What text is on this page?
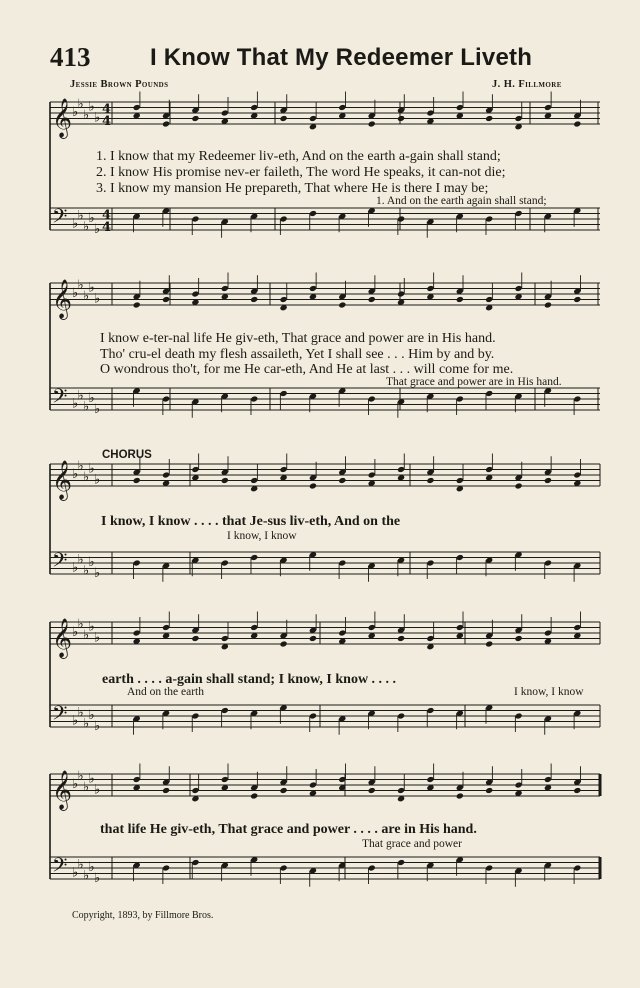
413 I Know That My Redeemer Liveth
Jessie Brown Pounds	J. H. Fillmore
𝄞 ♭
♭
♭
♭
♭
4
4
𝄢 ♭
♭
♭
♭
♭
4
4
𝄞 ♭
♭
♭
♭
♭
𝄢 ♭
♭
♭
♭
♭
𝄞 ♭
♭
♭
♭
♭
𝄢 ♭
♭
♭
♭
♭
𝄞 ♭
♭
♭
♭
♭
𝄢 ♭
♭
♭
♭
♭
𝄞 ♭
♭
♭
♭
♭
𝄢 ♭
♭
♭
♭
♭
1. I know that my Redeemer liv-eth, And on the earth a-gain shall stand;
2. I know His promise nev-er faileth, The word He speaks, it can-not die;
3. I know my mansion He prepareth, That where He is there I may be;
1. And on the earth again shall stand;
I know e-ter-nal life He giv-eth, That grace and power are in His hand.
Tho' cru-el death my flesh assaileth, Yet I shall see . . . Him by and by.
O wondrous tho't, for me He car-eth, And He at last . . . will come for me.
That grace and power are in His hand.
CHORUS
I know, I know . . . . that Je-sus liv-eth, And on the
I know, I know
earth . . . . a-gain shall stand; I know, I know . . . .
And on the earth	I know, I know
that life He giv-eth, That grace and power . . . . are in His hand.
That grace and power
Copyright, 1893, by Fillmore Bros.
